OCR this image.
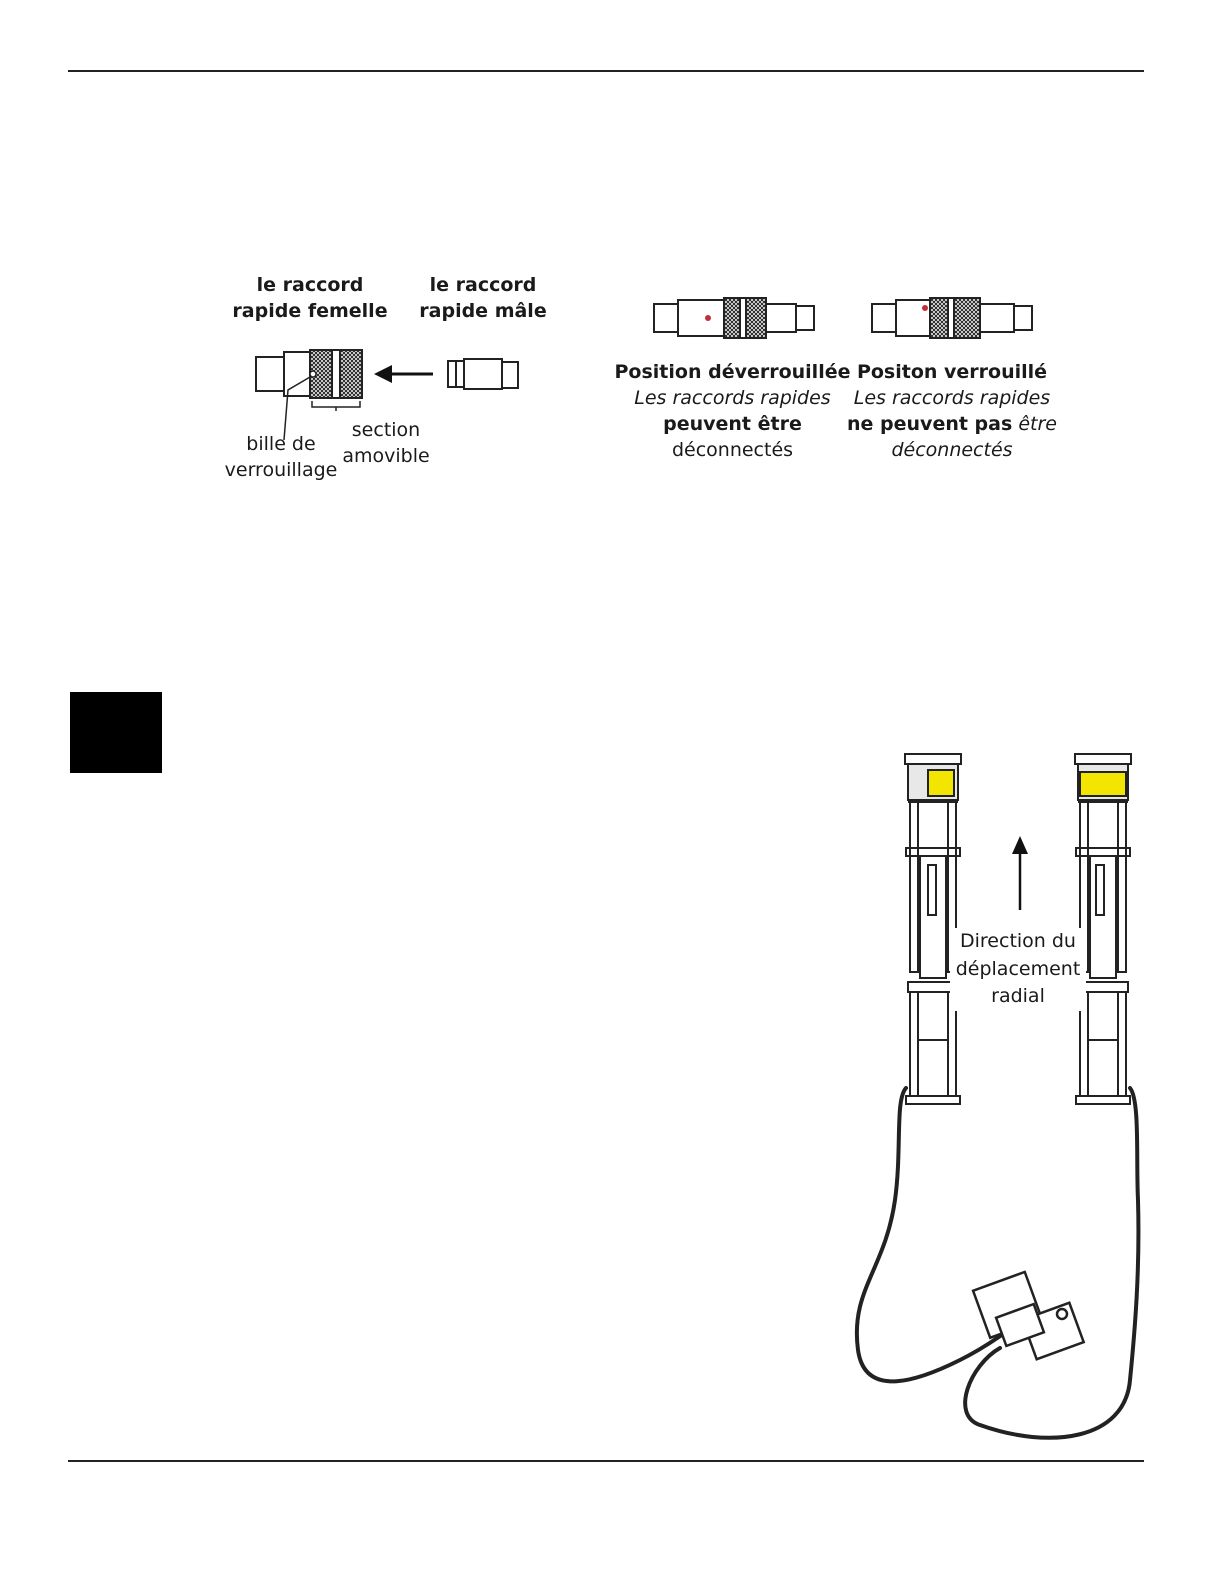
le raccord
rapide femelle
le raccord
rapide mâle
bille de
verrouillage
section
amovible
Position déverrouillée
Les raccords rapides
peuvent être
déconnectés
Positon verrouillé
Les raccords rapides
ne peuvent pas être
déconnectés
Direction du
déplacement
radial
